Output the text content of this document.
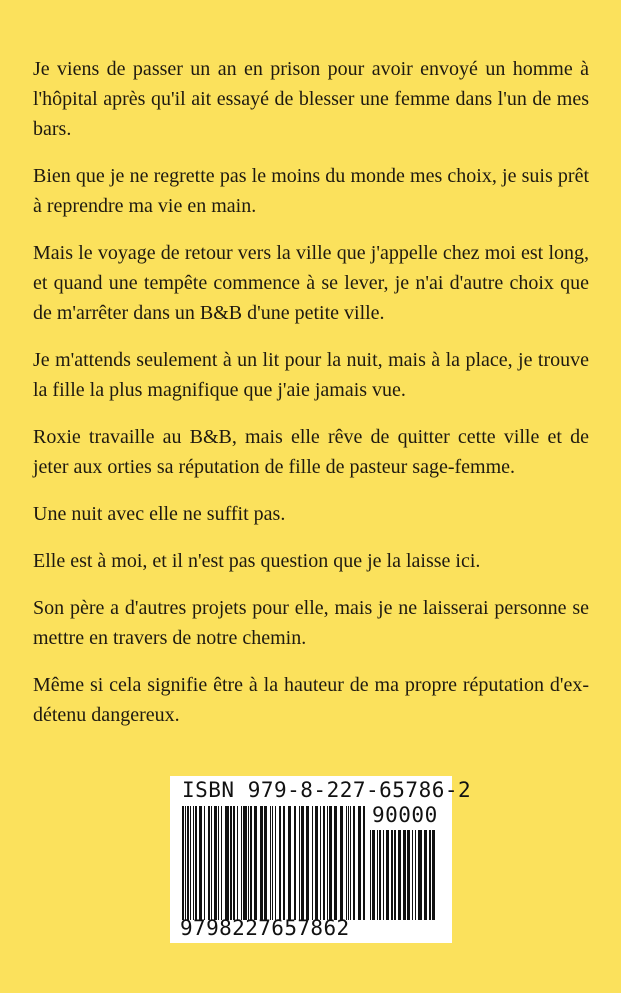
Je viens de passer un an en prison pour avoir envoyé un homme à l'hôpital après qu'il ait essayé de blesser une femme dans l'un de mes bars.

Bien que je ne regrette pas le moins du monde mes choix, je suis prêt à reprendre ma vie en main.

Mais le voyage de retour vers la ville que j'appelle chez moi est long, et quand une tempête commence à se lever, je n'ai d'autre choix que de m'arrêter dans un B&B d'une petite ville.

Je m'attends seulement à un lit pour la nuit, mais à la place, je trouve la fille la plus magnifique que j'aie jamais vue.

Roxie travaille au B&B, mais elle rêve de quitter cette ville et de jeter aux orties sa réputation de fille de pasteur sage-femme.

Une nuit avec elle ne suffit pas.

Elle est à moi, et il n'est pas question que je la laisse ici.

Son père a d'autres projets pour elle, mais je ne laisserai personne se mettre en travers de notre chemin.

Même si cela signifie être à la hauteur de ma propre réputation d'ex-détenu dangereux.

ISBN 979-8-227-65786-2
90000
9798227657862
